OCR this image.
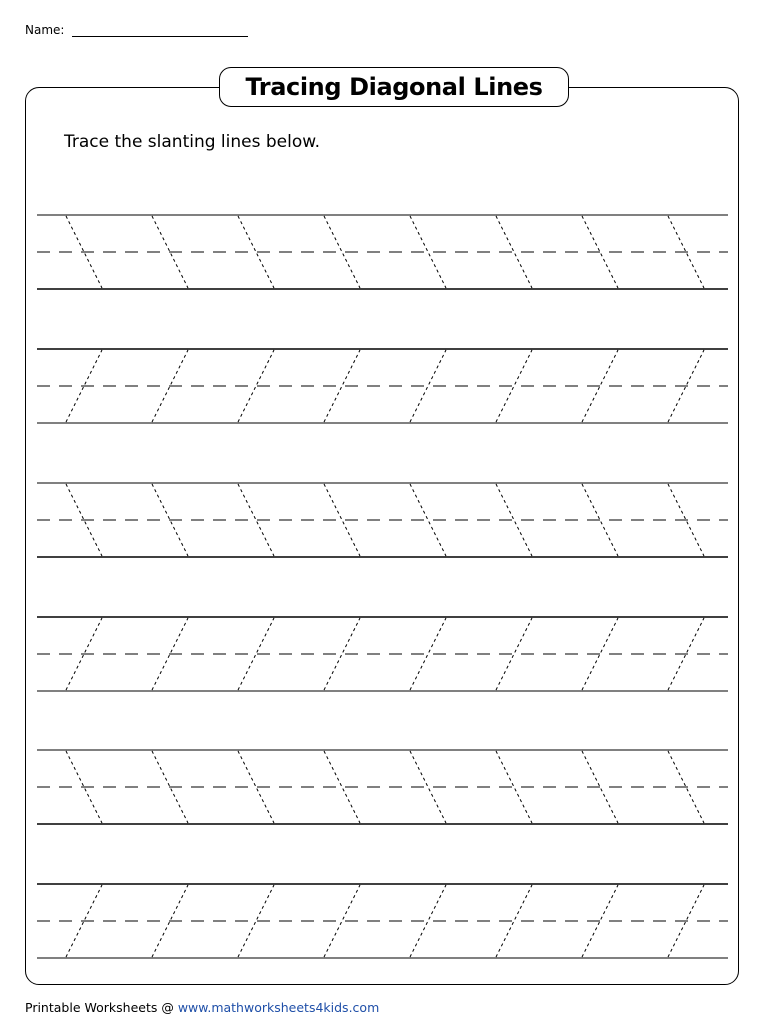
Name:
Tracing Diagonal Lines
Trace the slanting lines below.
Printable Worksheets @ www.mathworksheets4kids.com
